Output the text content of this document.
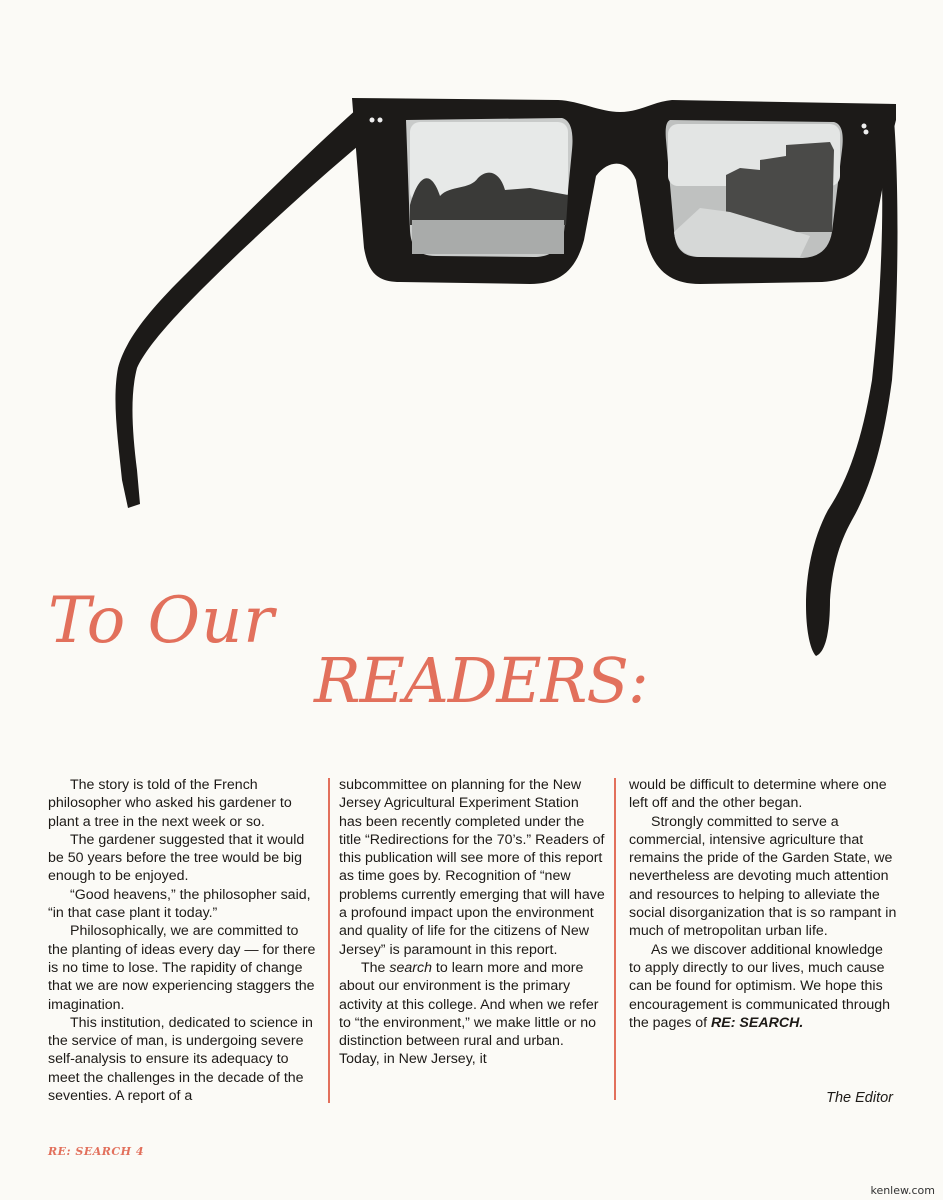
To Our
READERS:

The story is told of the French philosopher who asked his gardener to plant a tree in the next week or so.

The gardener suggested that it would be 50 years before the tree would be big enough to be enjoyed.

“Good heavens,” the philosopher said, “in that case plant it today.”

Philosophically, we are committed to the planting of ideas every day — for there is no time to lose. The rapidity of change that we are now experiencing staggers the imagination.

This institution, dedicated to science in the service of man, is undergoing severe self-analysis to ensure its adequacy to meet the challenges in the decade of the seventies. A report of a

subcommittee on planning for the New Jersey Agricultural Experiment Station has been recently completed under the title “Redirections for the 70’s.” Readers of this publication will see more of this report as time goes by. Recognition of “new problems currently emerging that will have a profound impact upon the environment and quality of life for the citizens of New Jersey” is paramount in this report.

The search to learn more and more about our environment is the primary activity at this college. And when we refer to “the environment,” we make little or no distinction between rural and urban. Today, in New Jersey, it

would be difficult to determine where one left off and the other began.

Strongly committed to serve a commercial, intensive agriculture that remains the pride of the Garden State, we nevertheless are devoting much attention and resources to helping to alleviate the social disorganization that is so rampant in much of metropolitan urban life.

As we discover additional knowledge to apply directly to our lives, much cause can be found for optimism. We hope this encouragement is communicated through the pages of RE: SEARCH.

The Editor
RE: SEARCH 4
kenlew.com
